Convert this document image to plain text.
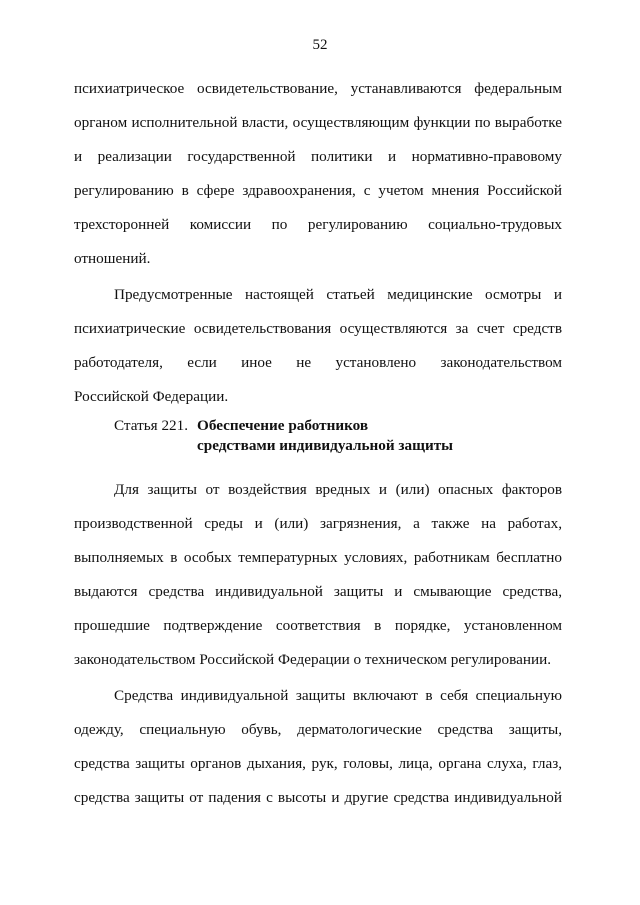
52
психиатрическое освидетельствование, устанавливаются федеральным
органом исполнительной власти, осуществляющим функции по выработке
и реализации государственной политики и нормативно-правовому
регулированию в сфере здравоохранения, с учетом мнения Российской
трехсторонней комиссии по регулированию социально-трудовых
отношений.
Предусмотренные настоящей статьей медицинские осмотры и
психиатрические освидетельствования осуществляются за счет средств
работодателя, если иное не установлено законодательством
Российской Федерации.
Статья 221. Обеспечение работников
средствами индивидуальной защиты
Для защиты от воздействия вредных и (или) опасных факторов
производственной среды и (или) загрязнения, а также на работах,
выполняемых в особых температурных условиях, работникам бесплатно
выдаются средства индивидуальной защиты и смывающие средства,
прошедшие подтверждение соответствия в порядке, установленном
законодательством Российской Федерации о техническом регулировании.
Средства индивидуальной защиты включают в себя специальную
одежду, специальную обувь, дерматологические средства защиты,
средства защиты органов дыхания, рук, головы, лица, органа слуха, глаз,
средства защиты от падения с высоты и другие средства индивидуальной
